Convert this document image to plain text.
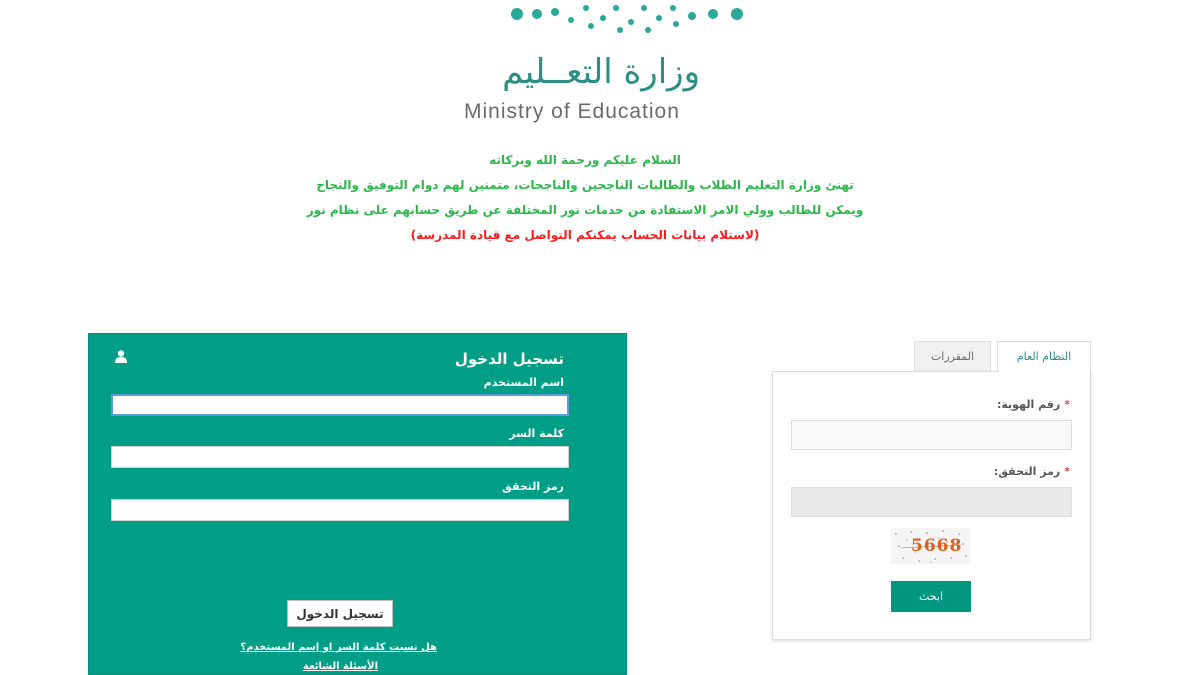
وزارة التعــليم
Ministry of Education

السلام عليكم ورحمة الله وبركاته

تهنئ وزارة التعليم الطلاب والطالبات الناجحين والناجحات، متمنين لهم دوام التوفيق والنجاح

ويمكن للطالب وولي الامر الاستفادة من خدمات نور المختلفة عن طريق حسابهم على نظام نور

(لاستلام بيانات الحساب يمكنكم التواصل مع قيادة المدرسة)

تسجيل الدخول
اسم المستخدم
كلمة السر
رمز التحقق
تسجيل الدخول
هل نسيت كلمة السر او إسم المستخدم؟
الأسئلة الشائعة
النظام العام
المقررات
*رقم الهوية:
*رمز التحقق:
5668
ابحث
